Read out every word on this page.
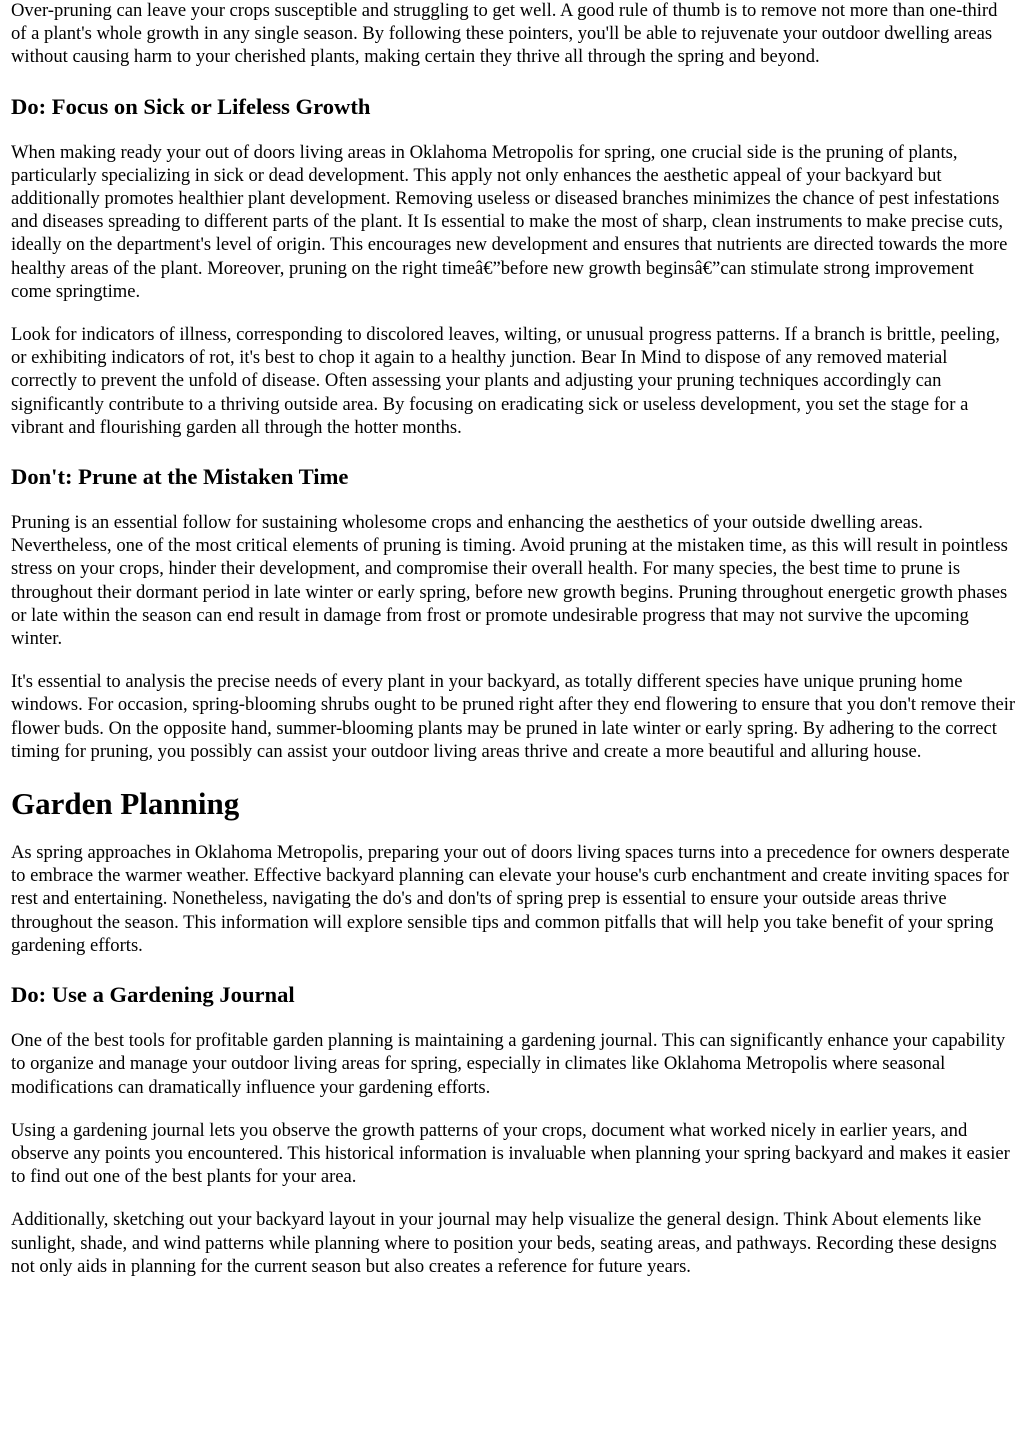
Over-pruning can leave your crops susceptible and struggling to get well. A good rule of thumb is to remove not more than one-third of a plant's whole growth in any single season. By following these pointers, you'll be able to rejuvenate your outdoor dwelling areas without causing harm to your cherished plants, making certain they thrive all through the spring and beyond.

Do: Focus on Sick or Lifeless Growth

When making ready your out of doors living areas in Oklahoma Metropolis for spring, one crucial side is the pruning of plants, particularly specializing in sick or dead development. This apply not only enhances the aesthetic appeal of your backyard but additionally promotes healthier plant development. Removing useless or diseased branches minimizes the chance of pest infestations and diseases spreading to different parts of the plant. It Is essential to make the most of sharp, clean instruments to make precise cuts, ideally on the department's level of origin. This encourages new development and ensures that nutrients are directed towards the more healthy areas of the plant. Moreover, pruning on the right timeâ€”before new growth beginsâ€”can stimulate strong improvement come springtime.

Look for indicators of illness, corresponding to discolored leaves, wilting, or unusual progress patterns. If a branch is brittle, peeling, or exhibiting indicators of rot, it's best to chop it again to a healthy junction. Bear In Mind to dispose of any removed material correctly to prevent the unfold of disease. Often assessing your plants and adjusting your pruning techniques accordingly can significantly contribute to a thriving outside area. By focusing on eradicating sick or useless development, you set the stage for a vibrant and flourishing garden all through the hotter months.

Don't: Prune at the Mistaken Time

Pruning is an essential follow for sustaining wholesome crops and enhancing the aesthetics of your outside dwelling areas. Nevertheless, one of the most critical elements of pruning is timing. Avoid pruning at the mistaken time, as this will result in pointless stress on your crops, hinder their development, and compromise their overall health. For many species, the best time to prune is throughout their dormant period in late winter or early spring, before new growth begins. Pruning throughout energetic growth phases or late within the season can end result in damage from frost or promote undesirable progress that may not survive the upcoming winter.

It's essential to analysis the precise needs of every plant in your backyard, as totally different species have unique pruning home windows. For occasion, spring-blooming shrubs ought to be pruned right after they end flowering to ensure that you don't remove their flower buds. On the opposite hand, summer-blooming plants may be pruned in late winter or early spring. By adhering to the correct timing for pruning, you possibly can assist your outdoor living areas thrive and create a more beautiful and alluring house.

Garden Planning

As spring approaches in Oklahoma Metropolis, preparing your out of doors living spaces turns into a precedence for owners desperate to embrace the warmer weather. Effective backyard planning can elevate your house's curb enchantment and create inviting spaces for rest and entertaining. Nonetheless, navigating the do's and don'ts of spring prep is essential to ensure your outside areas thrive throughout the season. This information will explore sensible tips and common pitfalls that will help you take benefit of your spring gardening efforts.

Do: Use a Gardening Journal

One of the best tools for profitable garden planning is maintaining a gardening journal. This can significantly enhance your capability to organize and manage your outdoor living areas for spring, especially in climates like Oklahoma Metropolis where seasonal modifications can dramatically influence your gardening efforts.

Using a gardening journal lets you observe the growth patterns of your crops, document what worked nicely in earlier years, and observe any points you encountered. This historical information is invaluable when planning your spring backyard and makes it easier to find out one of the best plants for your area.

Additionally, sketching out your backyard layout in your journal may help visualize the general design. Think About elements like sunlight, shade, and wind patterns while planning where to position your beds, seating areas, and pathways. Recording these designs not only aids in planning for the current season but also creates a reference for future years.
